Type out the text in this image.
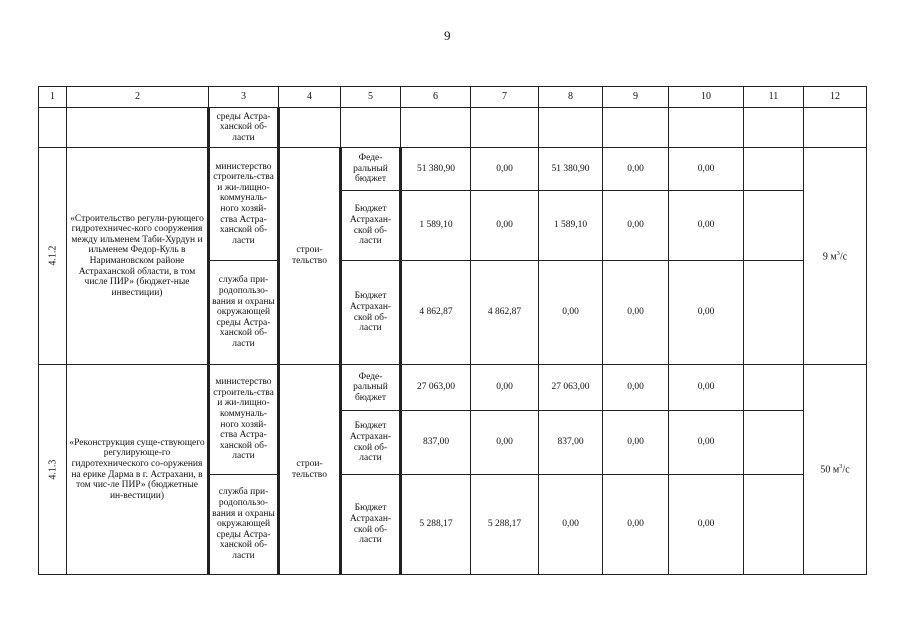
9
1	2	3	4	5	6	7	8	9	10	11	12
		среды Астра-ханской об-ласти									
4.1.2	«Строительство регули-рующего гидротехничес-кого сооружения между ильменем Таби-Хурдун и ильменем Федор-Куль в Наримановском районе Астраханской области, в том числе ПИР» (бюджет-ные инвестиции)	министерство строитель-ства и жи-лищно-коммуналь-ного хозяй-ства Астра-ханской об-ласти	строи-тельство	Феде-ральный бюджет	51 380,90	0,00	51 380,90	0,00	0,00		9 $м^3/с$
				Бюджет Астрахан-ской об-ласти	1 589,10	0,00	1 589,10	0,00	0,00		
		служба при-родопользо-вания и охраны окружающей среды Астра-ханской об-ласти		Бюджет Астрахан-ской об-ласти	4 862,87	4 862,87	0,00	0,00	0,00		
4.1.3	«Реконструкция суще-ствующего регулирующе-го гидротехнического со-оружения на ерике Дарма в г. Астрахани, в том чис-ле ПИР» (бюджетные ин-вестиции)	министерство строитель-ства и жи-лищно-коммуналь-ного хозяй-ства Астра-ханской об-ласти	строи-тельство	Феде-ральный бюджет	27 063,00	0,00	27 063,00	0,00	0,00		50 $м^3/с$
				Бюджет Астрахан-ской об-ласти	837,00	0,00	837,00	0,00	0,00		
		служба при-родопользо-вания и охраны окружающей среды Астра-ханской об-ласти		Бюджет Астрахан-ской об-ласти	5 288,17	5 288,17	0,00	0,00	0,00		
